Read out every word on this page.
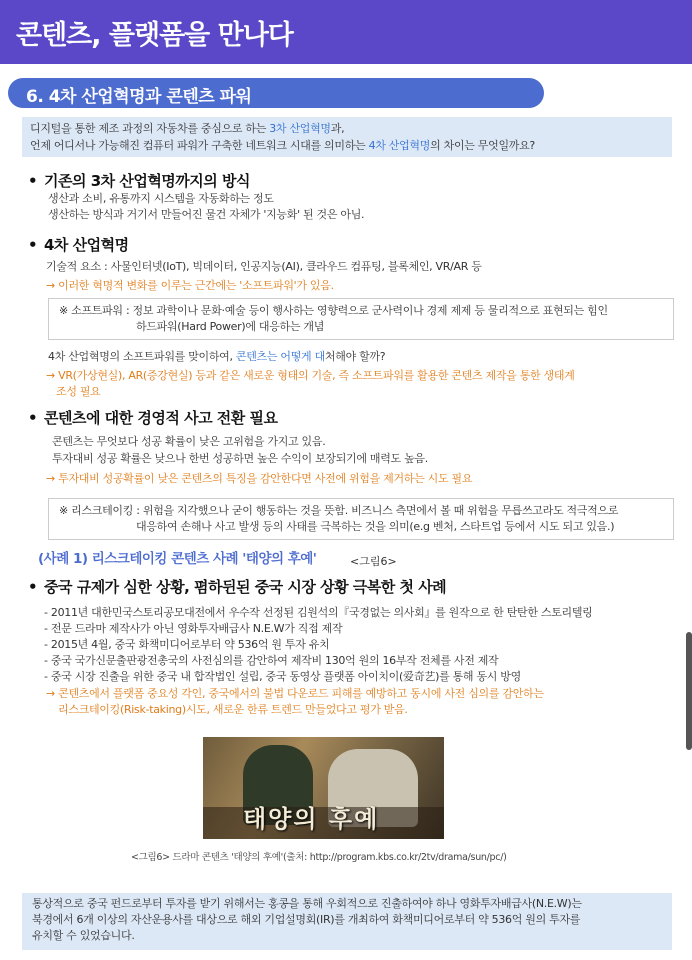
콘텐츠, 플랫폼을 만나다
6. 4차 산업혁명과 콘텐츠 파워
디지털을 통한 제조 과정의 자동차를 중심으로 하는 3차 산업혁명과,
언제 어디서나 가능해진 컴퓨터 파워가 구축한 네트워크 시대를 의미하는 4차 산업혁명의 차이는 무엇일까요?
• 기존의 3차 산업혁명까지의 방식
생산과 소비, 유통까지 시스템을 자동화하는 정도
생산하는 방식과 거기서 만들어진 물건 자체가 '지능화' 된 것은 아님.
• 4차 산업혁명
기술적 요소 : 사물인터넷(IoT), 빅데이터, 인공지능(AI), 클라우드 컴퓨팅, 블록체인, VR/AR 등
→ 이러한 혁명적 변화를 이루는 근간에는 '소프트파워'가 있음.
※ 소프트파워 : 정보 과학이나 문화·예술 등이 행사하는 영향력으로 군사력이나 경제 제제 등 물리적으로 표현되는 힘인
하드파워(Hard Power)에 대응하는 개념
4차 산업혁명의 소프트파워를 맞이하여, 콘텐츠는 어떻게 대처해야 할까?
→ VR(가상현실), AR(증강현실) 등과 같은 새로운 형태의 기술, 즉 소프트파워를 활용한 콘텐츠 제작을 통한 생태계
조성 필요
• 콘텐츠에 대한 경영적 사고 전환 필요
콘텐츠는 무엇보다 성공 확률이 낮은 고위험을 가지고 있음.
투자대비 성공 확률은 낮으나 한번 성공하면 높은 수익이 보장되기에 매력도 높음.
→ 투자대비 성공확률이 낮은 콘텐츠의 특징을 감안한다면 사전에 위험을 제거하는 시도 필요
※ 리스크테이킹 : 위험을 지각했으나 굳이 행동하는 것을 뜻함. 비즈니스 측면에서 볼 때 위험을 무릅쓰고라도 적극적으로
대응하여 손해나 사고 발생 등의 사태를 극복하는 것을 의미(e.g 벤처, 스타트업 등에서 시도 되고 있음.)
(사례 1) 리스크테이킹 콘텐츠 사례 '태양의 후예'	<그림6>
• 중국 규제가 심한 상황, 폄하뒨된 중국 시장 상황 극복한 첫 사례
- 2011년 대한민국스토리공모대전에서 우수작 선정된 김원석의『국경없는 의사회』를 원작으로 한 탄탄한 스토리텔링
- 전문 드라마 제작사가 아닌 영화투자배급사 N.E.W가 직접 제작
- 2015년 4월, 중국 화책미디어로부터 약 536억 원 투자 유치
- 중국 국가신문출판광전총국의 사전심의를 감안하여 제작비 130억 원의 16부작 전체를 사전 제작
- 중국 시장 진출을 위한 중국 내 합작법인 설립, 중국 동영상 플랫폼 아이치이(爱奇艺)를 통해 동시 방영
→ 콘텐츠에서 플랫폼 중요성 각인, 중국에서의 불법 다운로드 피해를 예방하고 동시에 사전 심의를 감안하는
리스크테이킹(Risk-taking)시도, 새로운 한류 트렌드 만들었다고 평가 받음.
태양의 후예
<그림6> 드라마 콘텐츠 '태양의 후예'(출처: http://program.kbs.co.kr/2tv/drama/sun/pc/)
통상적으로 중국 펀드로부터 투자를 받기 위해서는 홍콩을 통해 우회적으로 진출하여야 하나 영화투자배급사(N.E.W)는
북경에서 6개 이상의 자산운용사를 대상으로 해외 기업설명회(IR)를 개최하여 화책미디어로부터 약 536억 원의 투자를
유치할 수 있었습니다.
